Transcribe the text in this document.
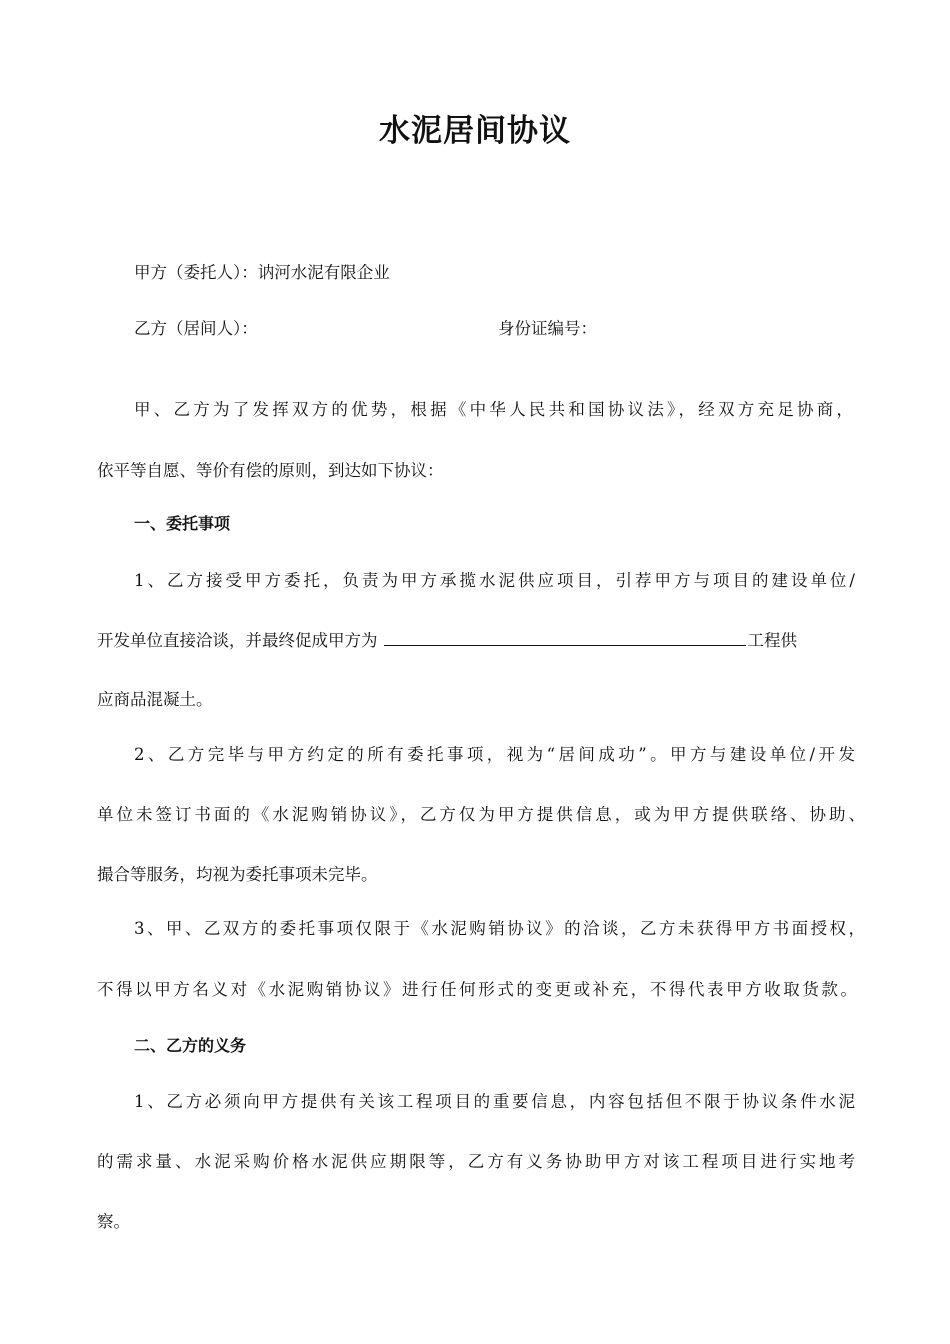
水泥居间协议
甲方（委托人）：讷河水泥有限企业
乙方（居间人）：	身份证编号：
甲、乙方为了发挥双方的优势，根据《中华人民共和国协议法》，经双方充足协商，
依平等自愿、等价有偿的原则，到达如下协议：
一、委托事项
1、乙方接受甲方委托，负责为甲方承揽水泥供应项目，引荐甲方与项目的建设单位/
开发单位直接洽谈，并最终促成甲方为	工程供
应商品混凝土。
2、乙方完毕与甲方约定的所有委托事项，视为“居间成功”。甲方与建设单位/开发
单位未签订书面的《水泥购销协议》，乙方仅为甲方提供信息，或为甲方提供联络、协助、
撮合等服务，均视为委托事项未完毕。
3、甲、乙双方的委托事项仅限于《水泥购销协议》的洽谈，乙方未获得甲方书面授权，
不得以甲方名义对《水泥购销协议》进行任何形式的变更或补充，不得代表甲方收取货款。
二、乙方的义务
1、乙方必须向甲方提供有关该工程项目的重要信息，内容包括但不限于协议条件水泥
的需求量、水泥采购价格水泥供应期限等，乙方有义务协助甲方对该工程项目进行实地考
察。
